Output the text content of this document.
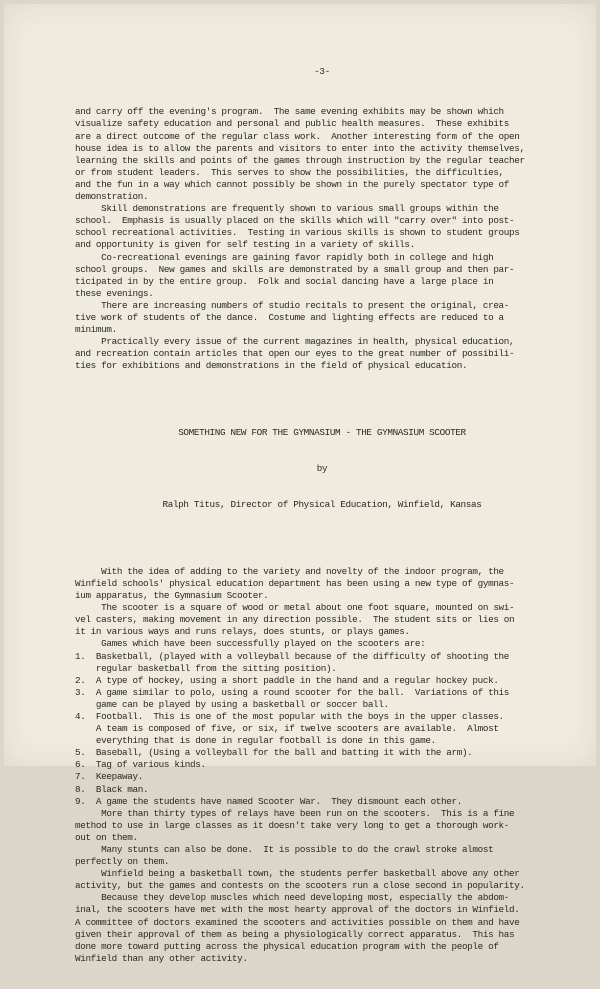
-3-

and carry off the evening's program.  The same evening exhibits may be shown which
visualize safety education and personal and public health measures.  These exhibits
are a direct outcome of the regular class work.  Another interesting form of the open
house idea is to allow the parents and visitors to enter into the activity themselves,
learning the skills and points of the games through instruction by the regular teacher
or from student leaders.  This serves to show the possibilities, the difficulties,
and the fun in a way which cannot possibly be shown in the purely spectator type of
demonstration.
Skill demonstrations are frequently shown to various small groups within the
school.  Emphasis is usually placed on the skills which will "carry over" into post-
school recreational activities.  Testing in various skills is shown to student groups
and opportunity is given for self testing in a variety of skills.
Co-recreational evenings are gaining favor rapidly both in college and high
school groups.  New games and skills are demonstrated by a small group and then par-
ticipated in by the entire group.  Folk and social dancing have a large place in
these evenings.
There are increasing numbers of studio recitals to present the original, crea-
tive work of students of the dance.  Costume and lighting effects are reduced to a
minimum.
Practically every issue of the current magazines in health, physical education,
and recreation contain articles that open our eyes to the great number of possibili-
ties for exhibitions and demonstrations in the field of physical education.

SOMETHING NEW FOR THE GYMNASIUM - THE GYMNASIUM SCOOTER

by

Ralph Titus, Director of Physical Education, Winfield, Kansas

With the idea of adding to the variety and novelty of the indoor program, the
Winfield schools' physical education department has been using a new type of gymnas-
ium apparatus, the Gymnasium Scooter.
The scooter is a square of wood or metal about one foot square, mounted on swi-
vel casters, making movement in any direction possible.  The student sits or lies on
it in various ways and runs relays, does stunts, or plays games.
Games which have been successfully played on the scooters are:
1.  Basketball, (played with a volleyball because of the difficulty of shooting the
regular basketball from the sitting position).
2.  A type of hockey, using a short paddle in the hand and a regular hockey puck.
3.  A game similar to polo, using a round scooter for the ball.  Variations of this
game can be played by using a basketball or soccer ball.
4.  Football.  This is one of the most popular with the boys in the upper classes.
A team is composed of five, or six, if twelve scooters are available.  Almost
everything that is done in regular football is done in this game.
5.  Baseball, (Using a volleyball for the ball and batting it with the arm).
6.  Tag of various kinds.
7.  Keepaway.
8.  Black man.
9.  A game the students have named Scooter War.  They dismount each other.
More than thirty types of relays have been run on the scooters.  This is a fine
method to use in large classes as it doesn't take very long to get a thorough work-
out on them.
Many stunts can also be done.  It is possible to do the crawl stroke almost
perfectly on them.
Winfield being a basketball town, the students perfer basketball above any other
activity, but the games and contests on the scooters run a close second in popularity.
Because they develop muscles which need developing most, especially the abdom-
inal, the scooters have met with the most hearty approval of the doctors in Winfield.
A committee of doctors examined the scooters and activities possible on them and have
given their approval of them as being a physiologically correct apparatus.  This has
done more toward putting across the physical education program with the people of
Winfield than any other activity.
